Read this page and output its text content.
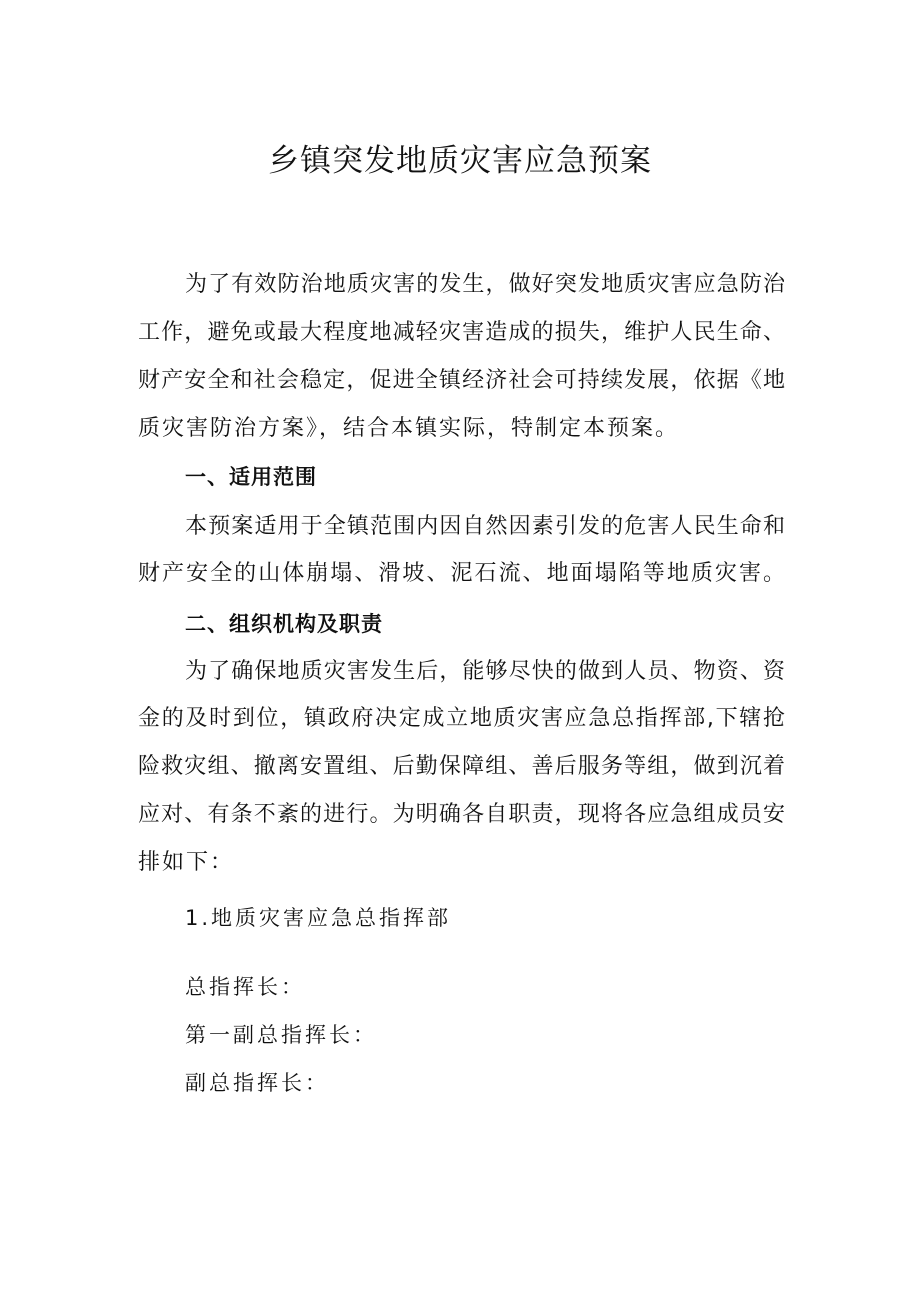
乡镇突发地质灾害应急预案
为了有效防治地质灾害的发生，做好突发地质灾害应急防治
工作，避免或最大程度地减轻灾害造成的损失，维护人民生命、
财产安全和社会稳定，促进全镇经济社会可持续发展，依据《地
质灾害防治方案》，结合本镇实际，特制定本预案。
一、适用范围
本预案适用于全镇范围内因自然因素引发的危害人民生命和
财产安全的山体崩塌、滑坡、泥石流、地面塌陷等地质灾害。
二、组织机构及职责
为了确保地质灾害发生后，能够尽快的做到人员、物资、资
金的及时到位，镇政府决定成立地质灾害应急总指挥部,下辖抢
险救灾组、撤离安置组、后勤保障组、善后服务等组，做到沉着
应对、有条不紊的进行。为明确各自职责，现将各应急组成员安
排如下：
1.地质灾害应急总指挥部
总指挥长：
第一副总指挥长：
副总指挥长：
